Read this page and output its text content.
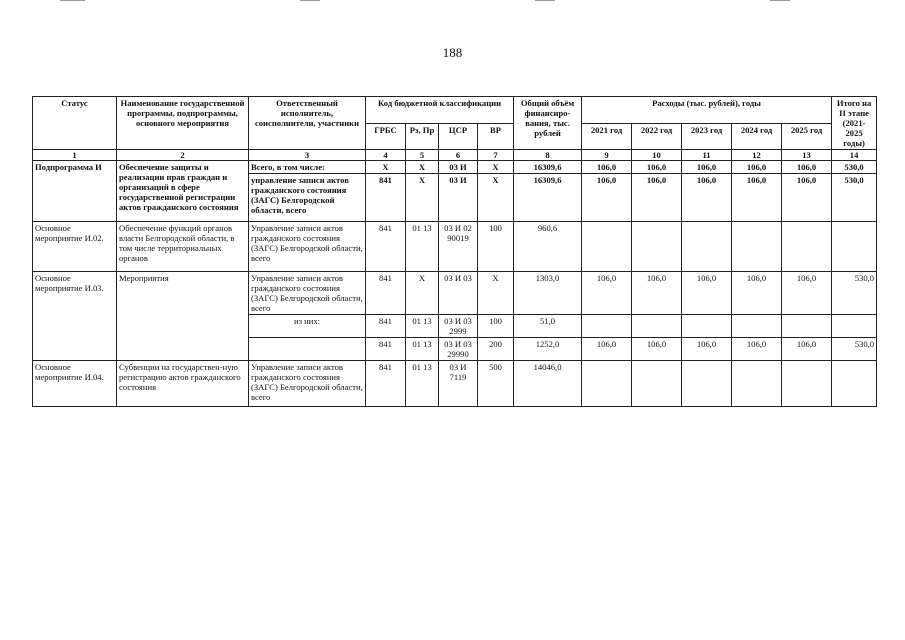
188
Статус	Наименование государственной программы, подпрограммы, основного мероприятия	Ответственный исполнитель, соисполнители, участники	Код бюджетной классификации				Общий объём финансиро-вания, тыс. рублей	Расходы (тыс. рублей), годы					Итого на II этапе (2021-2025 годы)
			ГРБС	Рз, Пр	ЦСР	ВР		2021 год	2022 год	2023 год	2024 год	2025 год	
1	2	3	4	5	6	7	8	9	10	11	12	13	14
Подпрограмма И	Обеспечение защиты и реализации прав граждан и организаций в сфере государственной регистрации актов гражданского состояния	Всего, в том числе:	X	X	03 И	X	16309,6	106,0	106,0	106,0	106,0	106,0	530,0
		управление записи актов гражданского состояния (ЗАГС) Белгородской области, всего	841	X	03 И	X	16309,6	106,0	106,0	106,0	106,0	106,0	530,0
Основное мероприятие И.02.	Обеспечение функций органов власти Белгородской области, в том числе территориальных органов	Управление записи актов гражданского состояния (ЗАГС) Белгородской области, всего	841	01 13	03 И 02 90019	100	960,6						
Основное мероприятие И.03.	Мероприятия	Управление записи актов гражданского состояния (ЗАГС) Белгородской области, всего	841	X	03 И 03	X	1303,0	106,0	106,0	106,0	106,0	106,0	530,0
		из них:	841	01 13	03 И 03 2999	100	51,0						
			841	01 13	03 И 03 29990	200	1252,0	106,0	106,0	106,0	106,0	106,0	530,0
Основное мероприятие И.04.	Субвенции на государствен-ную регистрацию актов гражданского состояния	Управление записи актов гражданского состояния (ЗАГС) Белгородской области, всего	841	01 13	03 И 7119	500	14046,0						
